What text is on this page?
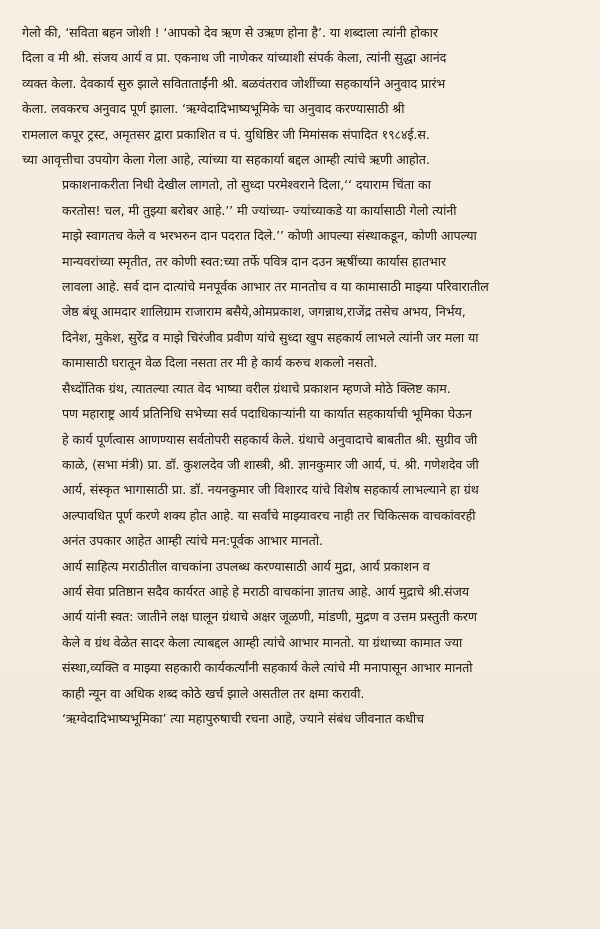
गेलो की, ‘सविता बहन जोशी ! ‘आपको देव ऋण से उऋण होना है’. या शब्दाला त्यांनी होकार
दिला व मी श्री. संजय आर्य व प्रा. एकनाथ जी नाणेकर यांच्याशी संपर्क केला, त्यांनी सुद्धा आनंद
व्यक्त केला. देवकार्य सुरु झाले सविताताईंनी श्री. बळवंतराव जोशींच्या सहकार्याने अनुवाद प्रारंभ
केला. लवकरच अनुवाद पूर्ण झाला. ‘ऋग्वेदादिभाष्यभूमिके चा अनुवाद करण्यासाठी श्री
रामलाल कपूर ट्रस्ट, अमृतसर द्वारा प्रकाशित व पं. युधिष्ठिर जी मिमांसक संपादित १९८४ई.स.
च्या आवृत्तीचा उपयोग केला गेला आहे, त्यांच्या या सहकार्या बद्दल आम्ही त्यांचे ऋणी आहोत.

प्रकाशनाकरीता निधी देखील लागतो, तो सुध्दा परमेश्वराने दिला,‘‘ दयाराम चिंता का
करतोस! चल, मी तुझ्या बरोबर आहे.’’ मी ज्यांच्या- ज्यांच्याकडे या कार्यासाठी गेलो त्यांनी
माझे स्वागतच केले व भरभरुन दान पदरात दिले.’’ कोणी आपल्या संस्थाकडून, कोणी आपल्या
मान्यवरांच्या स्मृतीत, तर कोणी स्वत:च्या तर्फे पवित्र दान दउन ऋषींच्या कार्यास हातभार
लावला आहे. सर्व दान दात्यांचे मनपूर्वक आभार तर मानतोच व या कामासाठी माझ्या परिवारातील
जेष्ठ बंधू आमदार शालिग्राम राजाराम बसैये,ओमप्रकाश, जगन्नाथ,राजेंद्र तसेच अभय, निर्भय,
दिनेश, मुकेश, सुरेंद्र व माझे चिरंजीव प्रवीण यांचे सुध्दा खुप सहकार्य लाभले त्यांनी जर मला या
कामासाठी घरातून वेळ दिला नसता तर मी हे कार्य करुच शकलो नसतो.

सैध्दोंतिक ग्रंथ, त्यातल्या त्यात वेद भाष्या वरील ग्रंथाचे प्रकाशन म्हणजे मोठे क्लिष्ट काम.
पण महाराष्ट्र आर्य प्रतिनिधि सभेच्या सर्व पदाधिकाऱ्यांनी या कार्यात सहकार्याची भूमिका घेऊन
हे कार्य पूर्णत्वास आणण्यास सर्वतोपरी सहकार्य केले. ग्रंथाचे अनुवादाचे बाबतीत श्री. सुग्रीव जी
काळे, (सभा मंत्री) प्रा. डॉ. कुशलदेव जी शास्त्री, श्री. ज्ञानकुमार जी आर्य, पं. श्री. गणेशदेव जी
आर्य, संस्कृत भागासाठी प्रा. डॉ. नयनकुमार जी विशारद यांचे विशेष सहकार्य लाभल्याने हा ग्रंथ
अल्पावधित पूर्ण करणे शक्य होत आहे. या सर्वांचे माझ्यावरच नाही तर चिकित्सक वाचकांवरही
अनंत उपकार आहेत आम्ही त्यांचे मन:पूर्वक आभार मानतो.

आर्य साहित्य मराठीतील वाचकांना उपलब्ध करण्यासाठी आर्य मुद्रा, आर्य प्रकाशन व
आर्य सेवा प्रतिष्ठान सदैव कार्यरत आहे हे मराठी वाचकांना ज्ञातच आहे. आर्य मुद्राचे श्री.संजय
आर्य यांनी स्वत: जातीने लक्ष घालून ग्रंथाचे अक्षर जूळणी, मांडणी, मुद्रण व उत्तम प्रस्तुती करण
केले व ग्रंथ वेळेत सादर केला त्याबद्दल आम्ही त्यांचे आभार मानतो. या ग्रंथाच्या कामात ज्या
संस्था,व्यक्ति व माझ्या सहकारी कार्यकर्त्यांनी सहकार्य केले त्यांचे मी मनापासून आभार मानतो
काही न्यून वा अधिक शब्द कोठे खर्च झाले असतील तर क्षमा करावी.

‘ऋग्वेदादिभाष्यभूमिका’ त्या महापुरुषाची रचना आहे, ज्याने संबंध जीवनात कधीच
